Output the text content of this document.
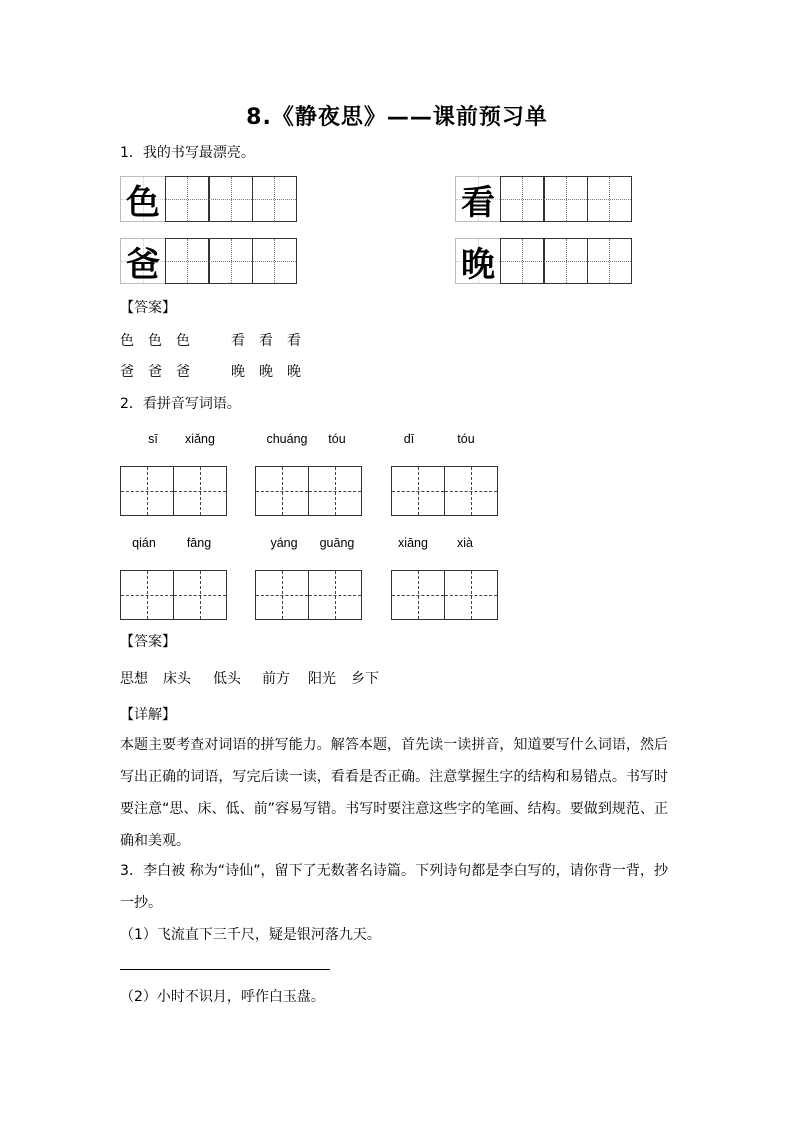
8.《静夜思》——课前预习单
1．我的书写最漂亮。
色	看
爸	晚
【答案】
色　色　色	看　看　看
爸　爸　爸	晚　晚　晚
2．看拼音写词语。
sī	xiǎng	chuáng	tóu	dī	tóu
qián	fāng	yáng	guāng	xiāng	xià
【答案】
思想 床头 低头 前方 阳光 乡下
【详解】
本题主要考查对词语的拼写能力。解答本题，首先读一读拼音，知道要写什么词语，然后写出正确的词语，写完后读一读，看看是否正确。注意掌握生字的结构和易错点。书写时要注意“思、床、低、前”容易写错。书写时要注意这些字的笔画、结构。要做到规范、正确和美观。
3．李白被 称为“诗仙”，留下了无数著名诗篇。下列诗句都是李白写的，请你背一背，抄一抄。
（1）飞流直下三千尺，疑是银河落九天。
（2）小时不识月，呼作白玉盘。
